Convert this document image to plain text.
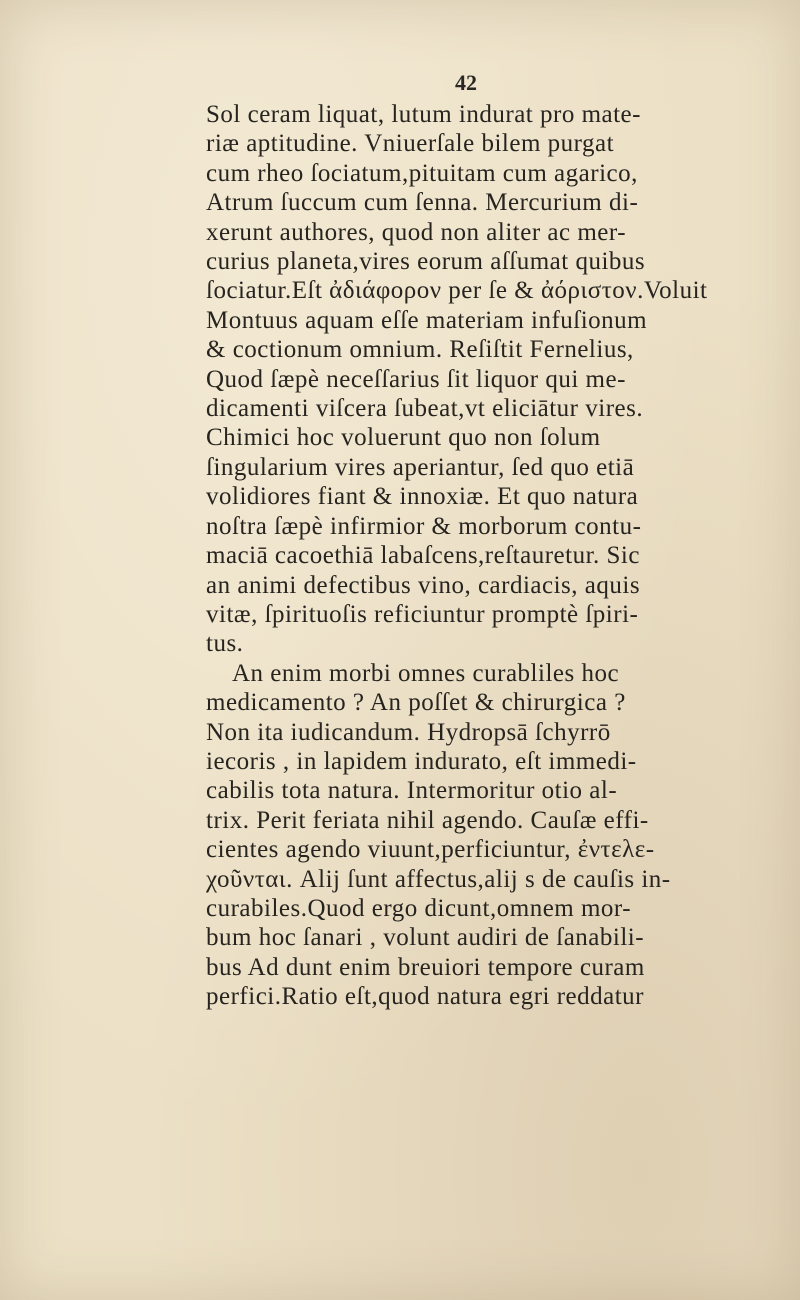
42
Sol ceram liquat, lutum indurat pro mate-
riæ aptitudine. Vniuerſale bilem purgat
cum rheo ſociatum,pituitam cum agarico,
Atrum ſuccum cum ſenna. Mercurium di-
xerunt authores, quod non aliter ac mer-
curius planeta,vires eorum aſſumat quibus
ſociatur.Eſt ἀδιάφορον per ſe & ἀόριστον.Voluit
Montuus aquam eſſe materiam infuſionum
& coctionum omnium. Reſiſtit Fernelius,
Quod ſæpè neceſſarius ſit liquor qui me-
dicamenti viſcera ſubeat,vt eliciātur vires.
Chimici hoc voluerunt quo non ſolum
ſingularium vires aperiantur, ſed quo etiā
volidiores fiant & innoxiæ. Et quo natura
noſtra ſæpè infirmior & morborum contu-
maciā cacoethiā labaſcens,reſtauretur. Sic
an animi defectibus vino, cardiacis, aquis
vitæ, ſpirituoſis reficiuntur promptè ſpiri-
tus.
An enim morbi omnes curabliles hoc
medicamento ? An poſſet & chirurgica ?
Non ita iudicandum. Hydropsā ſchyrrō
iecoris , in lapidem indurato, eſt immedi-
cabilis tota natura. Intermoritur otio al-
trix. Perit feriata nihil agendo. Cauſæ effi-
cientes agendo viuunt,perficiuntur, ἐντελε-
χοῦνται. Alij ſunt affectus,alij s de cauſis in-
curabiles.Quod ergo dicunt,omnem mor-
bum hoc ſanari , volunt audiri de ſanabili-
bus Ad dunt enim breuiori tempore curam
perfici.Ratio eſt,quod natura egri reddatur
